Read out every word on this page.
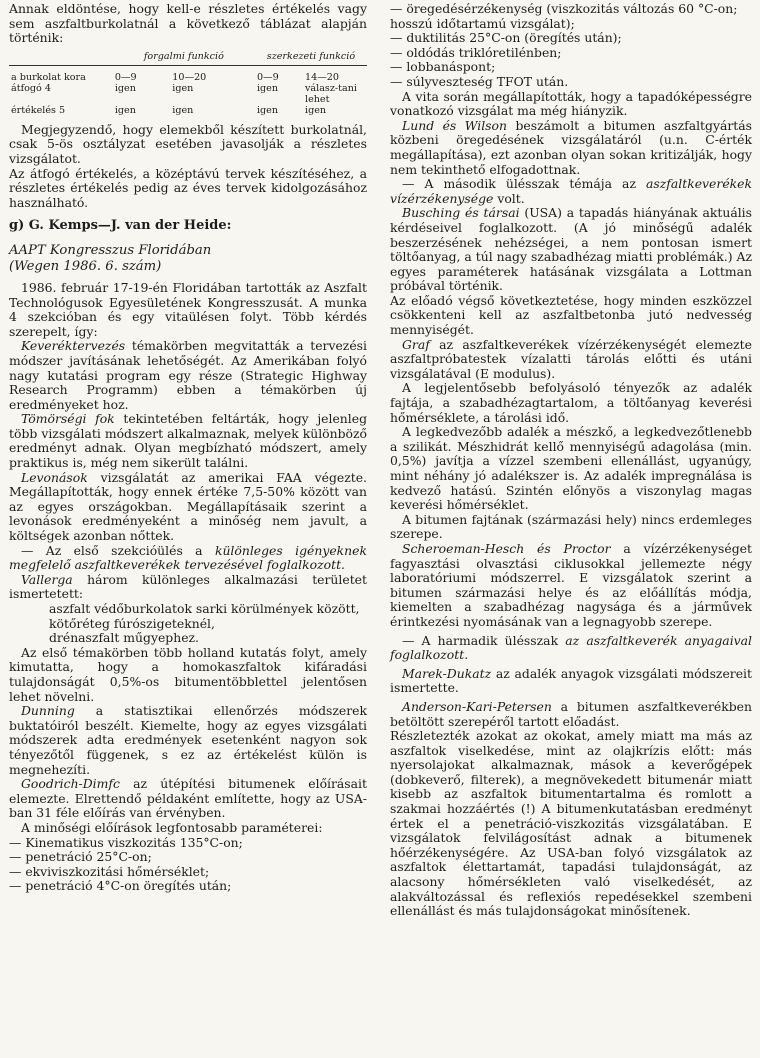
Annak eldöntése, hogy kell-e részletes értékelés vagy sem aszfaltburkolatnál a következő táblázat alapján történik:

	forgalmi funkció		szerkezeti funkció	

a burkolat kora	0—9	10—20	0—9	14—20
átfogó 4	igen	igen	igen	válasz-tani lehet
értékelés 5	igen	igen	igen	igen

Megjegyzendő, hogy elemekből készített burkolatnál, csak 5-ös osztályzat esetében javasolják a részletes vizsgálatot.

Az átfogó értékelés, a középtávú tervek készítéséhez, a részletes értékelés pedig az éves tervek kidolgozásához használható.

g) G. Kemps—J. van der Heide:

AAPT Kongresszus Floridában
(Wegen 1986. 6. szám)

1986. február 17-19-én Floridában tartották az Aszfalt Technológusok Egyesületének Kongresszusát. A munka 4 szekcióban és egy vitaülésen folyt. Több kérdés szerepelt, így:

Keveréktervezés témakörben megvitatták a tervezési módszer javításának lehetőségét. Az Amerikában folyó nagy kutatási program egy része (Strategic Highway Research Programm) ebben a témakörben új eredményeket hoz.

Tömörségi fok tekintetében feltárták, hogy jelenleg több vizsgálati módszert alkalmaznak, melyek különböző eredményt adnak. Olyan megbízható módszert, amely praktikus is, még nem sikerült találni.

Levonások vizsgálatát az amerikai FAA végezte. Megállapították, hogy ennek értéke 7,5-50% között van az egyes országokban. Megállapításaik szerint a levonások eredményeként a minőség nem javult, a költségek azonban nőttek.

— Az első szekcióülés a különleges igényeknek megfelelő aszfaltkeverékek tervezésével foglalkozott.

Vallerga három különleges alkalmazási területet ismertetett:

aszfalt védőburkolatok sarki körülmények között,
kötőréteg fúrószigeteknél,
drénaszfalt műgyephez.

Az első témakörben több holland kutatás folyt, amely kimutatta, hogy a homokaszfaltok kifáradási tulajdonságát 0,5%-os bitumentöbblettel jelentősen lehet növelni.

Dunning a statisztikai ellenőrzés módszerek buktatóiról beszélt. Kiemelte, hogy az egyes vizsgálati módszerek adta eredmények esetenként nagyon sok tényezőtől függenek, s ez az értékelést külön is megnehezíti.

Goodrich-Dimfc az útépítési bitumenek előírásait elemezte. Elrettendő példaként említette, hogy az USA-ban 31 féle előírás van érvényben.

A minőségi előírások legfontosabb paraméterei:

— Kinematikus viszkozitás 135°C-on;
— penetráció 25°C-on;
— ekviviszkozitási hőmérséklet;
— penetráció 4°C-on öregítés után;
— öregedésérzékenység (viszkozitás változás 60 °C-on; hosszú időtartamú vizsgálat);
— duktilitás 25°C-on (öregítés után);
— oldódás triklóretilénben;
— lobbanáspont;
— súlyveszteség TFOT után.

A vita során megállapították, hogy a tapadóképességre vonatkozó vizsgálat ma még hiányzik.

Lund és Wilson beszámolt a bitumen aszfaltgyártás közbeni öregedésének vizsgálatáról (u.n. C-érték megállapítása), ezt azonban olyan sokan kritizálják, hogy nem tekinthető elfogadottnak.

— A második ülésszak témája az aszfaltkeverékek vízérzékenysége volt.

Busching és társai (USA) a tapadás hiányának aktuális kérdéseivel foglalkozott. (A jó minőségű adalék beszerzésének nehézségei, a nem pontosan ismert töltőanyag, a túl nagy szabadhézag miatti problémák.) Az egyes paraméterek hatásának vizsgálata a Lottman próbával történik.

Az előadó végső következtetése, hogy minden eszközzel csökkenteni kell az aszfaltbetonba jutó nedvesség mennyiségét.

Graf az aszfaltkeverékek vízérzékenységét elemezte aszfaltpróbatestek vízalatti tárolás előtti és utáni vizsgálatával (E modulus).

A legjelentősebb befolyásoló tényezők az adalék fajtája, a szabadhézagtartalom, a töltőanyag keverési hőmérséklete, a tárolási idő.

A legkedvezőbb adalék a mészkő, a legkedvezőtlenebb a szilikát. Mészhidrát kellő mennyiségű adagolása (min. 0,5%) javítja a vízzel szembeni ellenállást, ugyanúgy, mint néhány jó adalékszer is. Az adalék impregnálása is kedvező hatású. Szintén előnyös a viszonylag magas keverési hőmérséklet.

A bitumen fajtának (származási hely) nincs erdemleges szerepe.

Scheroeman-Hesch és Proctor a vízérzékenységet fagyasztási olvasztási ciklusokkal jellemezte négy laboratóriumi módszerrel. E vizsgálatok szerint a bitumen származási helye és az előállítás módja, kiemelten a szabadhézag nagysága és a járművek érintkezési nyomásának van a legnagyobb szerepe.

— A harmadik ülésszak az aszfaltkeverék anyagaival foglalkozott.

Marek-Dukatz az adalék anyagok vizsgálati módszereit ismertette.

Anderson-Kari-Petersen a bitumen aszfaltkeverékben betöltött szerepéről tartott előadást.

Részletezték azokat az okokat, amely miatt ma más az aszfaltok viselkedése, mint az olajkrízis előtt: más nyersolajokat alkalmaznak, mások a keverőgépek (dobkeverő, filterek), a megnövekedett bitumenár miatt kisebb az aszfaltok bitumentartalma és romlott a szakmai hozzáértés (!) A bitumenkutatásban eredményt értek el a penetráció-viszkozitás vizsgálatában. E vizsgálatok felvilágosítást adnak a bitumenek hőérzékenységére. Az USA-ban folyó vizsgálatok az aszfaltok élettartamát, tapadási tulajdonságát, az alacsony hőmérsékleten való viselkedését, az alakváltozással és reflexiós repedésekkel szembeni ellenállást és más tulajdonságokat minősítenek.
